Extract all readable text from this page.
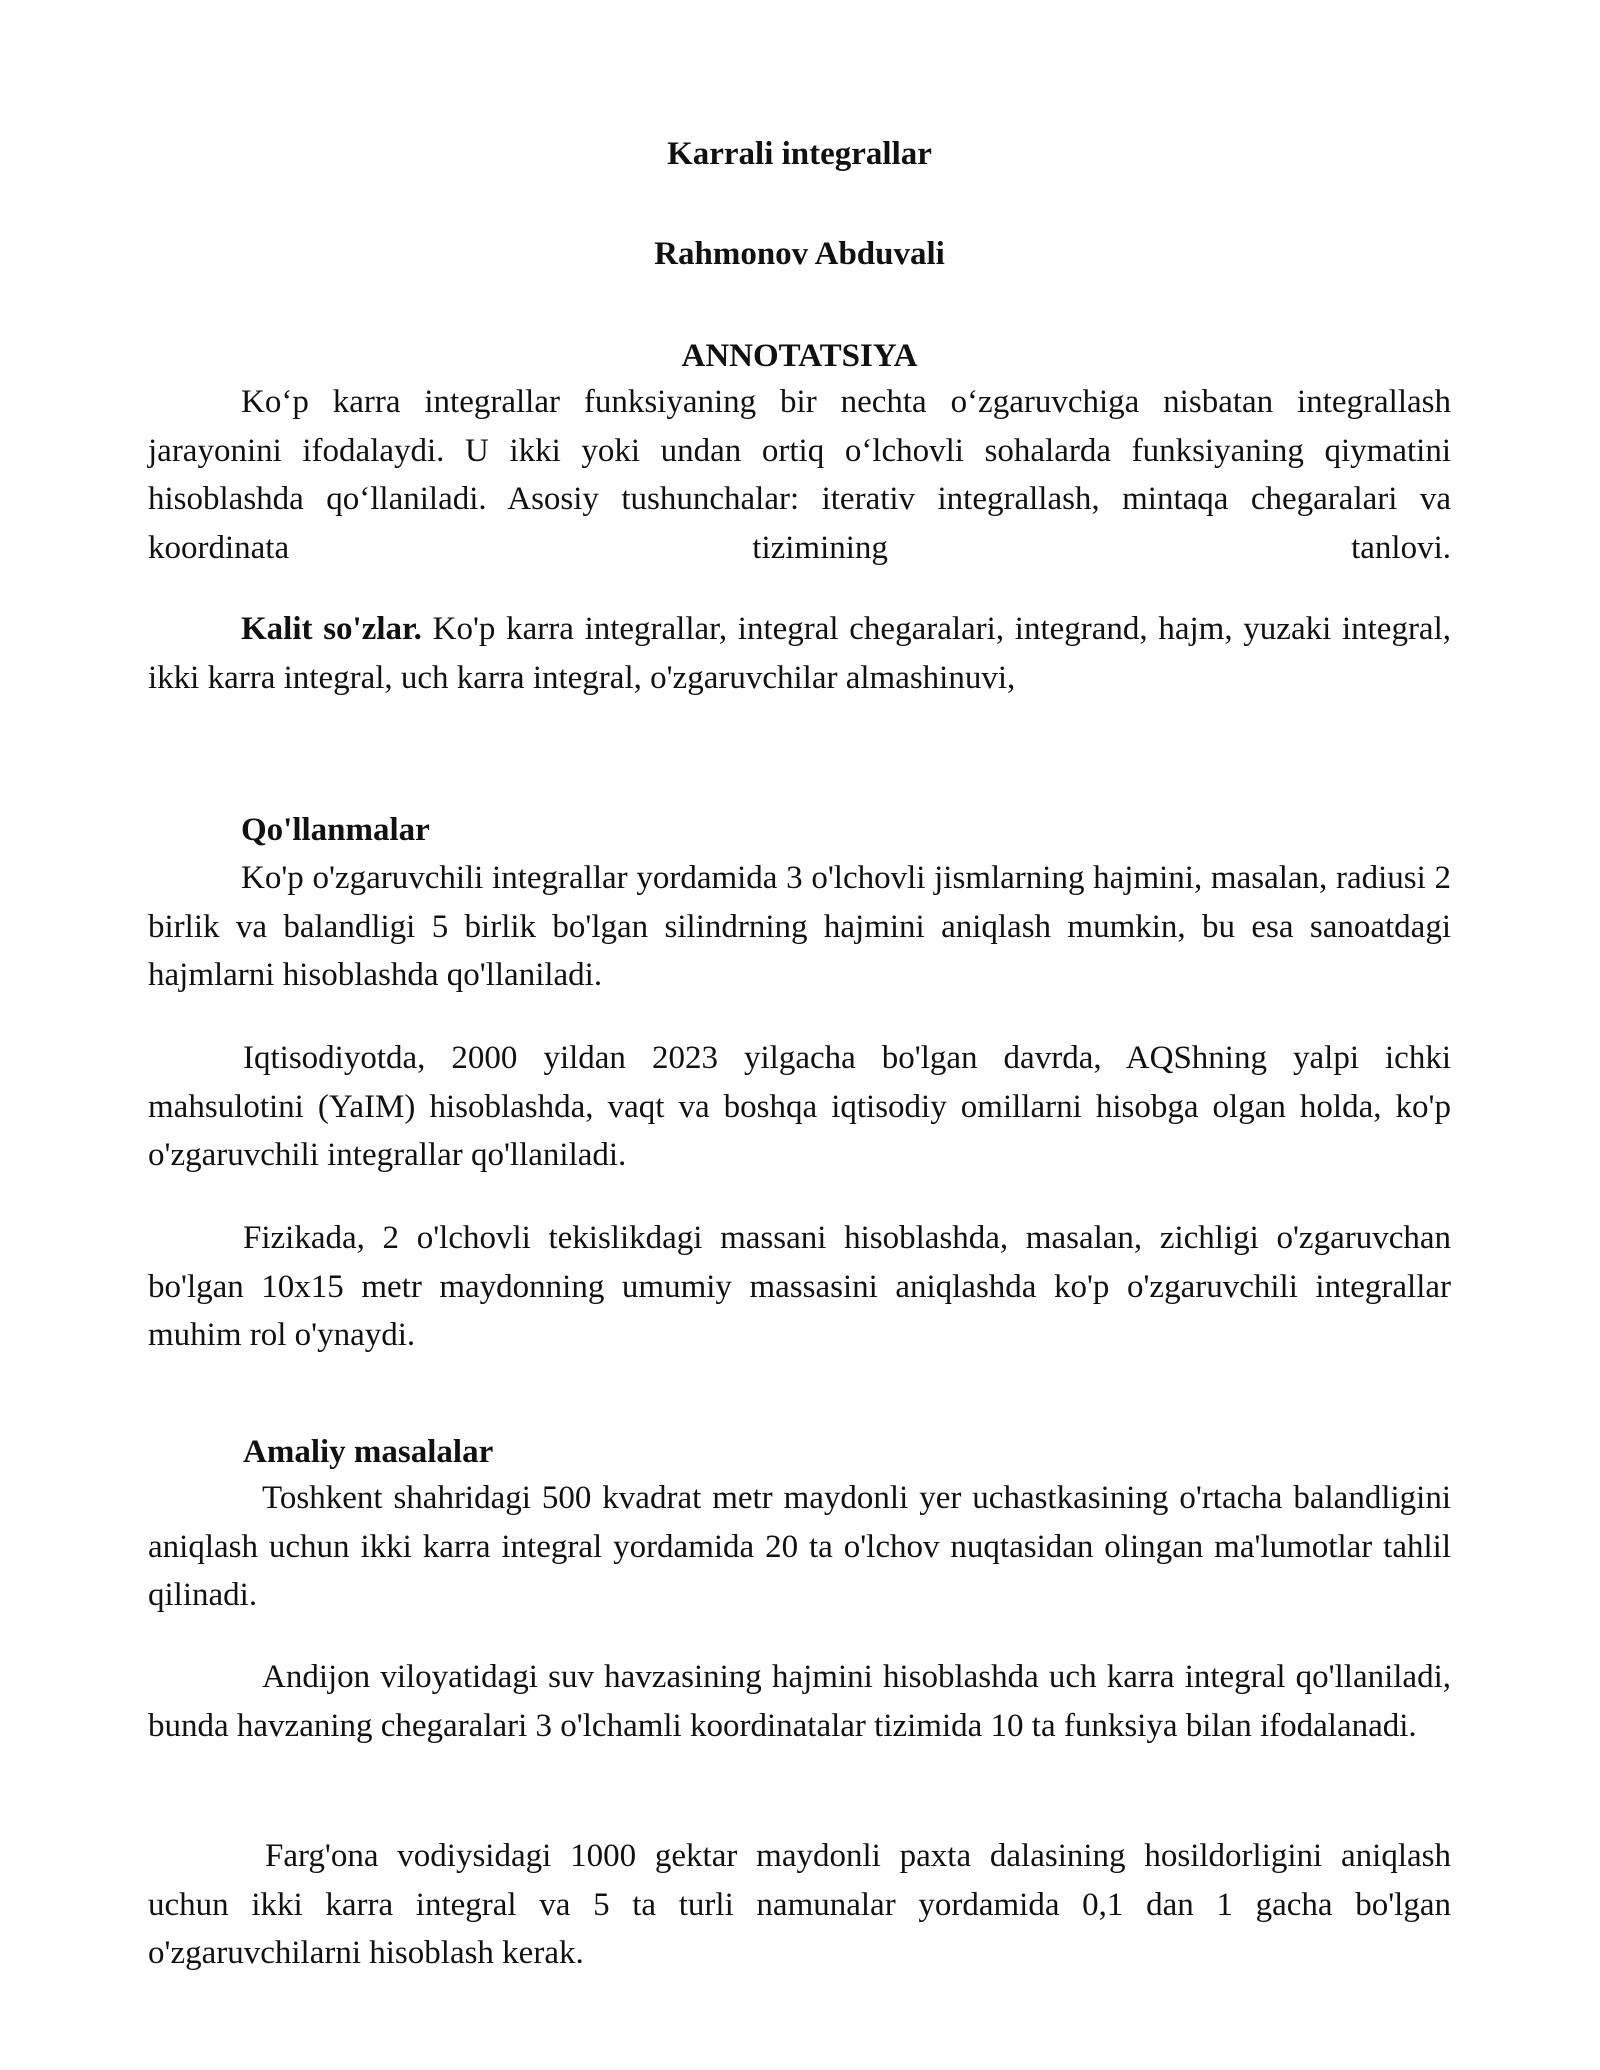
Karrali integrallar
Rahmonov Abduvali
ANNOTATSIYA

Ko‘p karra integrallar funksiyaning bir nechta o‘zgaruvchiga nisbatan integrallash jarayonini ifodalaydi. U ikki yoki undan ortiq o‘lchovli sohalarda funksiyaning qiymatini hisoblashda qo‘llaniladi. Asosiy tushunchalar: iterativ integrallash, mintaqa chegaralari va koordinata tizimining tanlovi.

Kalit so'zlar. Ko'p karra integrallar, integral chegaralari, integrand, hajm, yuzaki integral, ikki karra integral, uch karra integral, o'zgaruvchilar almashinuvi,

Qo'llanmalar

Ko'p o'zgaruvchili integrallar yordamida 3 o'lchovli jismlarning hajmini, masalan, radiusi 2 birlik va balandligi 5 birlik bo'lgan silindrning hajmini aniqlash mumkin, bu esa sanoatdagi hajmlarni hisoblashda qo'llaniladi.

Iqtisodiyotda, 2000 yildan 2023 yilgacha bo'lgan davrda, AQShning yalpi ichki mahsulotini (YaIM) hisoblashda, vaqt va boshqa iqtisodiy omillarni hisobga olgan holda, ko'p o'zgaruvchili integrallar qo'llaniladi.

Fizikada, 2 o'lchovli tekislikdagi massani hisoblashda, masalan, zichligi o'zgaruvchan bo'lgan 10x15 metr maydonning umumiy massasini aniqlashda ko'p o'zgaruvchili integrallar muhim rol o'ynaydi.

Amaliy masalalar

Toshkent shahridagi 500 kvadrat metr maydonli yer uchastkasining o'rtacha balandligini aniqlash uchun ikki karra integral yordamida 20 ta o'lchov nuqtasidan olingan ma'lumotlar tahlil qilinadi.

Andijon viloyatidagi suv havzasining hajmini hisoblashda uch karra integral qo'llaniladi, bunda havzaning chegaralari 3 o'lchamli koordinatalar tizimida 10 ta funksiya bilan ifodalanadi.

Farg'ona vodiysidagi 1000 gektar maydonli paxta dalasining hosildorligini aniqlash uchun ikki karra integral va 5 ta turli namunalar yordamida 0,1 dan 1 gacha bo'lgan o'zgaruvchilarni hisoblash kerak.
